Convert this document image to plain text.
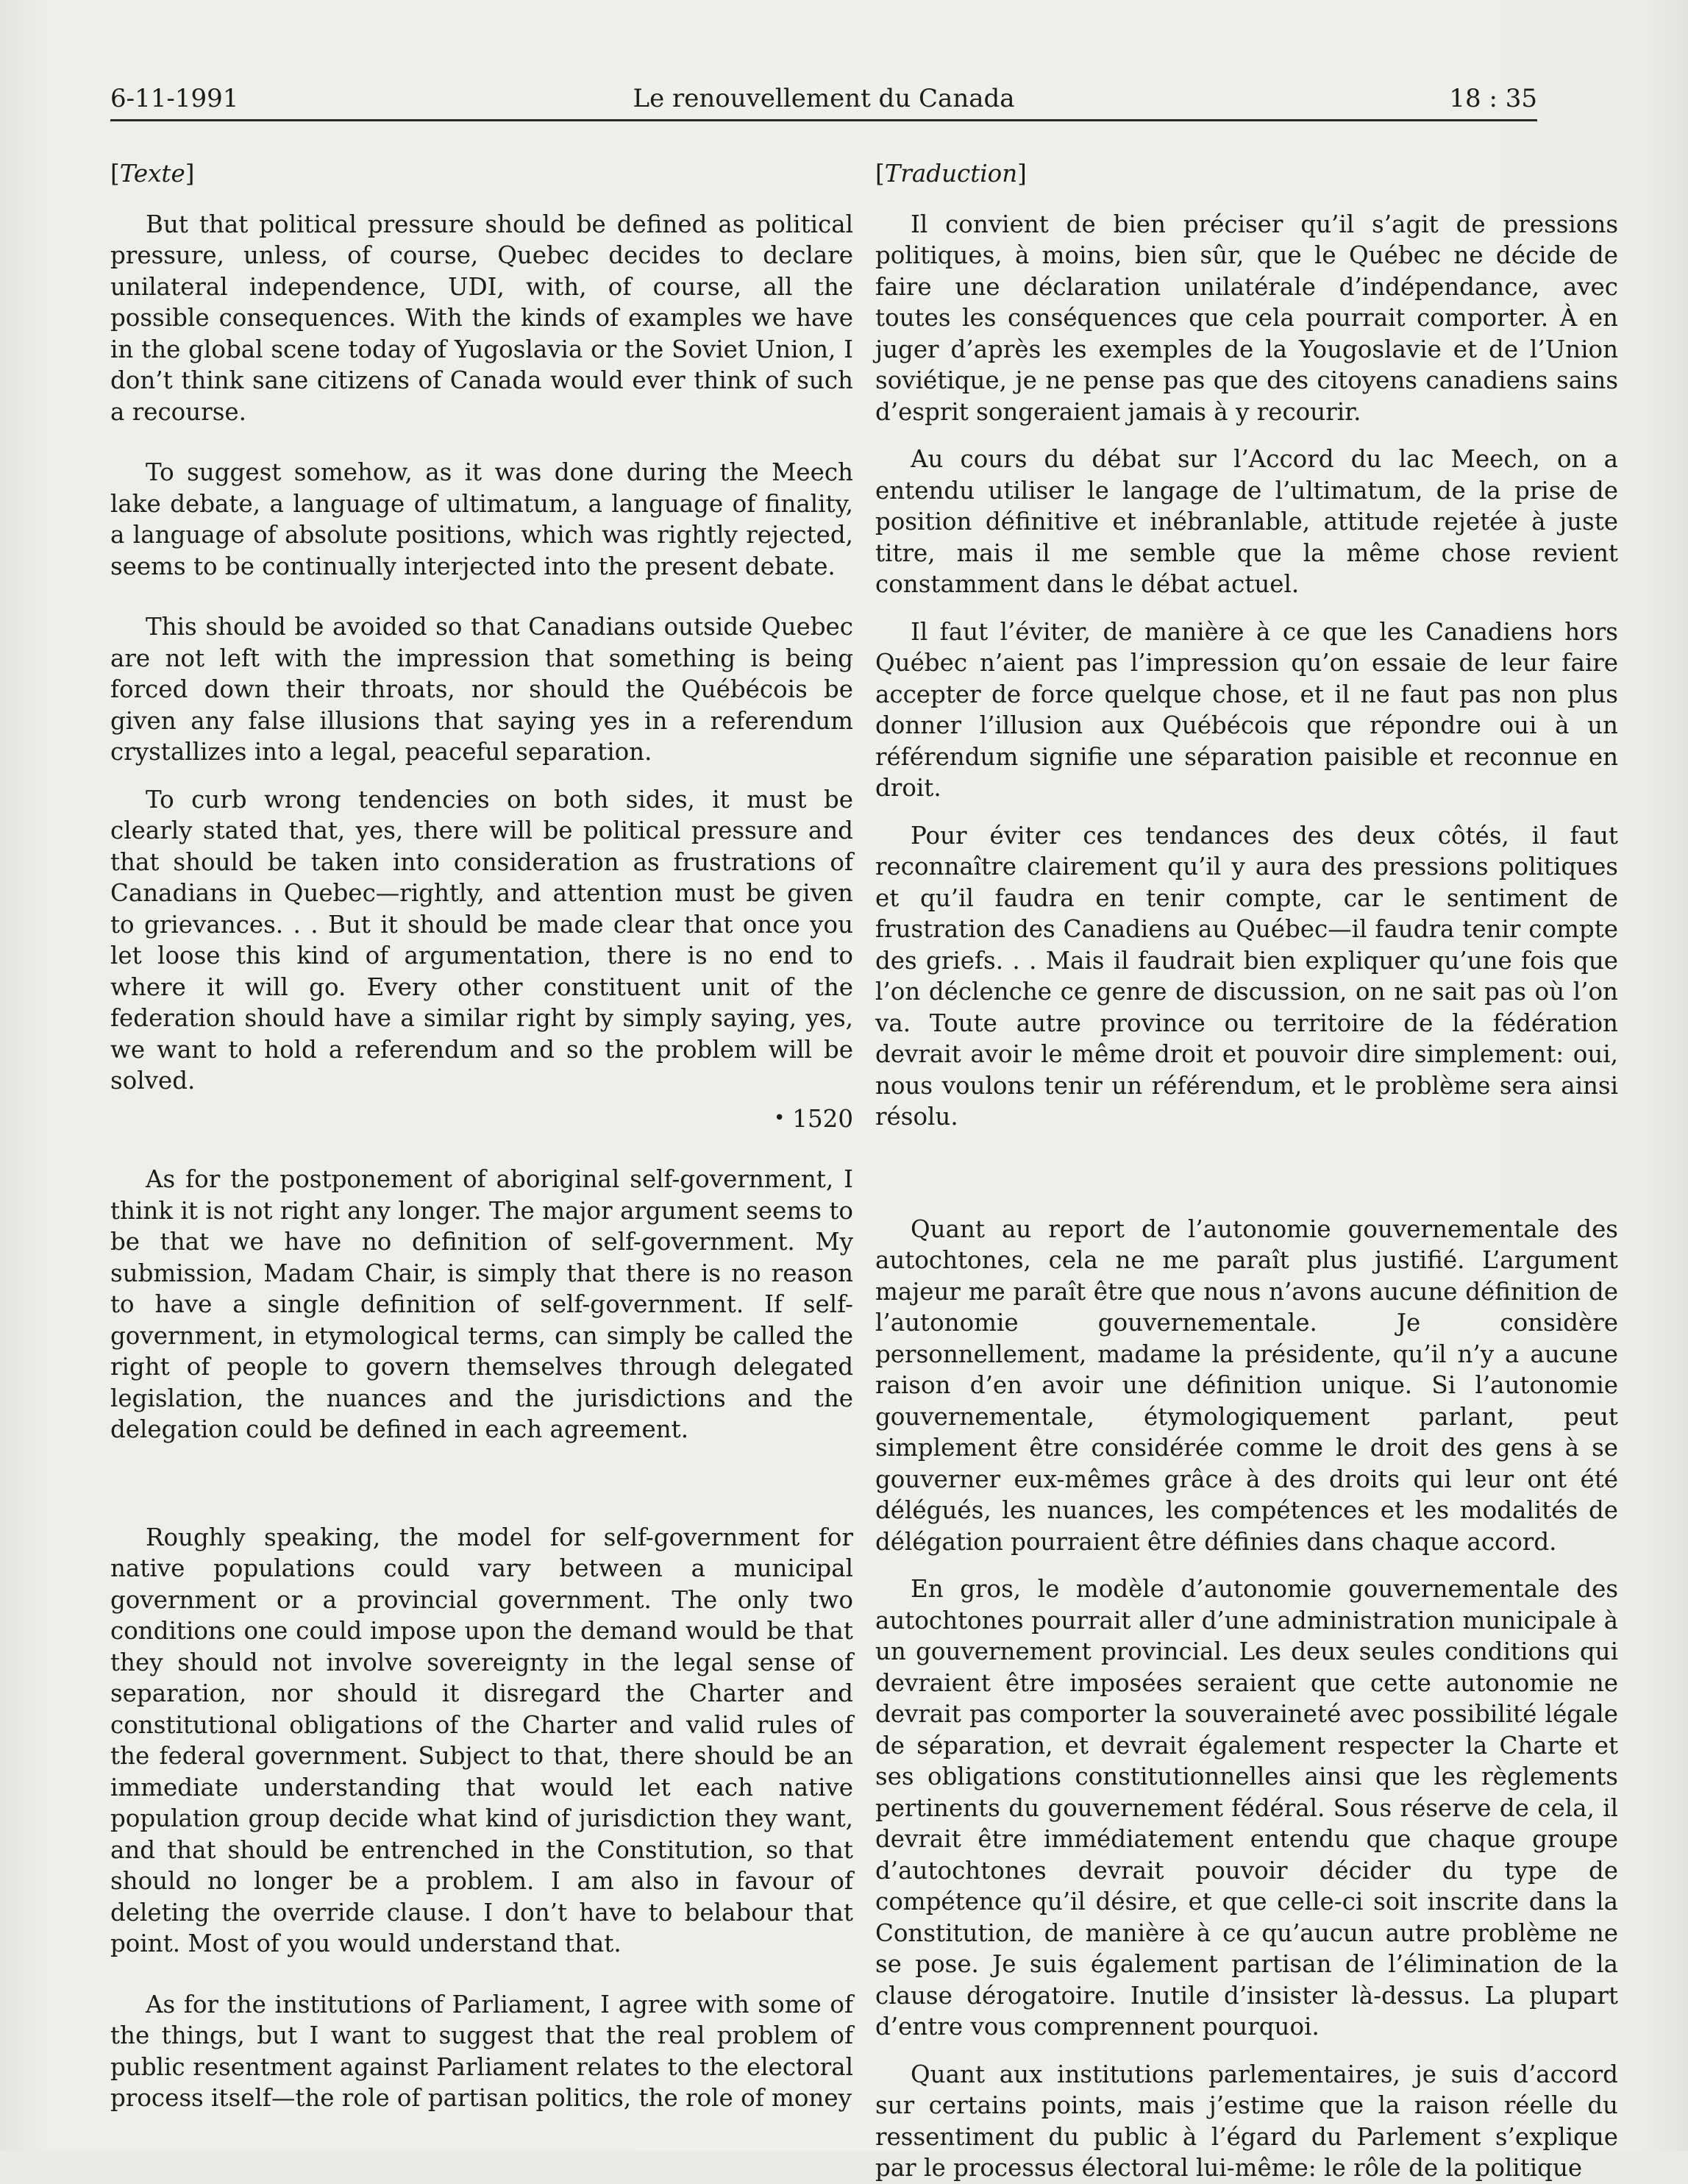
6-11-1991	Le renouvellement du Canada	18 : 35
[Texte]

But that political pressure should be defined as political pressure, unless, of course, Quebec decides to declare unilateral independence, UDI, with, of course, all the possible consequences. With the kinds of examples we have in the global scene today of Yugoslavia or the Soviet Union, I don’t think sane citizens of Canada would ever think of such a recourse.

To suggest somehow, as it was done during the Meech lake debate, a language of ultimatum, a language of finality, a language of absolute positions, which was rightly rejected, seems to be continually interjected into the present debate.

This should be avoided so that Canadians outside Quebec are not left with the impression that something is being forced down their throats, nor should the Québécois be given any false illusions that saying yes in a referendum crystallizes into a legal, peaceful separation.

To curb wrong tendencies on both sides, it must be clearly stated that, yes, there will be political pressure and that should be taken into consideration as frustrations of Canadians in Quebec—rightly, and attention must be given to grievances. . . But it should be made clear that once you let loose this kind of argumentation, there is no end to where it will go. Every other constituent unit of the federation should have a similar right by simply saying, yes, we want to hold a referendum and so the problem will be solved.

• 1520

As for the postponement of aboriginal self-government, I think it is not right any longer. The major argument seems to be that we have no definition of self-government. My submission, Madam Chair, is simply that there is no reason to have a single definition of self-government. If self-government, in etymological terms, can simply be called the right of people to govern themselves through delegated legislation, the nuances and the jurisdictions and the delegation could be defined in each agreement.

Roughly speaking, the model for self-government for native populations could vary between a municipal government or a provincial government. The only two conditions one could impose upon the demand would be that they should not involve sovereignty in the legal sense of separation, nor should it disregard the Charter and constitutional obligations of the Charter and valid rules of the federal government. Subject to that, there should be an immediate understanding that would let each native population group decide what kind of jurisdiction they want, and that should be entrenched in the Constitution, so that should no longer be a problem. I am also in favour of deleting the override clause. I don’t have to belabour that point. Most of you would understand that.

As for the institutions of Parliament, I agree with some of the things, but I want to suggest that the real problem of public resentment against Parliament relates to the electoral process itself—the role of partisan politics, the role of money

[Traduction]

Il convient de bien préciser qu’il s’agit de pressions politiques, à moins, bien sûr, que le Québec ne décide de faire une déclaration unilatérale d’indépendance, avec toutes les conséquences que cela pourrait comporter. À en juger d’après les exemples de la Yougoslavie et de l’Union soviétique, je ne pense pas que des citoyens canadiens sains d’esprit songeraient jamais à y recourir.

Au cours du débat sur l’Accord du lac Meech, on a entendu utiliser le langage de l’ultimatum, de la prise de position définitive et inébranlable, attitude rejetée à juste titre, mais il me semble que la même chose revient constamment dans le débat actuel.

Il faut l’éviter, de manière à ce que les Canadiens hors Québec n’aient pas l’impression qu’on essaie de leur faire accepter de force quelque chose, et il ne faut pas non plus donner l’illusion aux Québécois que répondre oui à un référendum signifie une séparation paisible et reconnue en droit.

Pour éviter ces tendances des deux côtés, il faut reconnaître clairement qu’il y aura des pressions politiques et qu’il faudra en tenir compte, car le sentiment de frustration des Canadiens au Québec—il faudra tenir compte des griefs. . . Mais il faudrait bien expliquer qu’une fois que l’on déclenche ce genre de discussion, on ne sait pas où l’on va. Toute autre province ou territoire de la fédération devrait avoir le même droit et pouvoir dire simplement: oui, nous voulons tenir un référendum, et le problème sera ainsi résolu.

Quant au report de l’autonomie gouvernementale des autochtones, cela ne me paraît plus justifié. L’argument majeur me paraît être que nous n’avons aucune définition de l’autonomie gouvernementale. Je considère personnellement, madame la présidente, qu’il n’y a aucune raison d’en avoir une définition unique. Si l’autonomie gouvernementale, étymologiquement parlant, peut simplement être considérée comme le droit des gens à se gouverner eux-mêmes grâce à des droits qui leur ont été délégués, les nuances, les compétences et les modalités de délégation pourraient être définies dans chaque accord.

En gros, le modèle d’autonomie gouvernementale des autochtones pourrait aller d’une administration municipale à un gouvernement provincial. Les deux seules conditions qui devraient être imposées seraient que cette autonomie ne devrait pas comporter la souveraineté avec possibilité légale de séparation, et devrait également respecter la Charte et ses obligations constitutionnelles ainsi que les règlements pertinents du gouvernement fédéral. Sous réserve de cela, il devrait être immédiatement entendu que chaque groupe d’autochtones devrait pouvoir décider du type de compétence qu’il désire, et que celle-ci soit inscrite dans la Constitution, de manière à ce qu’aucun autre problème ne se pose. Je suis également partisan de l’élimination de la clause dérogatoire. Inutile d’insister là-dessus. La plupart d’entre vous comprennent pourquoi.

Quant aux institutions parlementaires, je suis d’accord sur certains points, mais j’estime que la raison réelle du ressentiment du public à l’égard du Parlement s’explique par le processus électoral lui-même: le rôle de la politique
